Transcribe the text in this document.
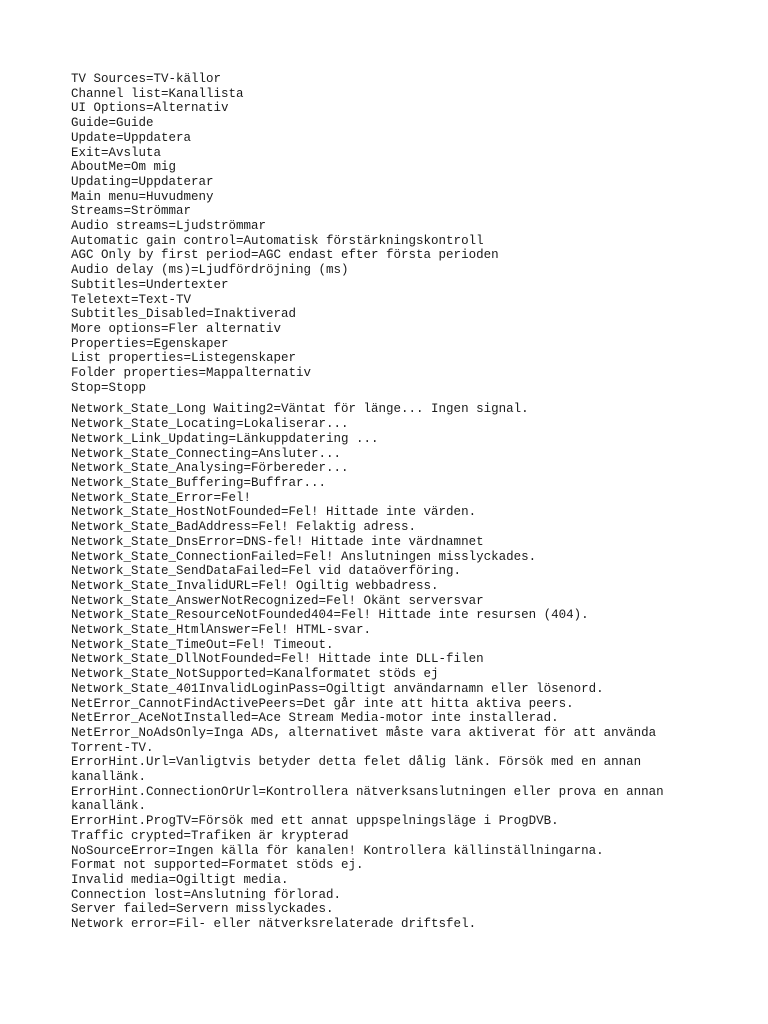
TV Sources=TV-källor
Channel list=Kanallista
UI Options=Alternativ
Guide=Guide
Update=Uppdatera
Exit=Avsluta
AboutMe=Om mig
Updating=Uppdaterar
Main menu=Huvudmeny
Streams=Strömmar
Audio streams=Ljudströmmar
Automatic gain control=Automatisk förstärkningskontroll
AGC Only by first period=AGC endast efter första perioden
Audio delay (ms)=Ljudfördröjning (ms)
Subtitles=Undertexter
Teletext=Text-TV
Subtitles_Disabled=Inaktiverad
More options=Fler alternativ
Properties=Egenskaper
List properties=Listegenskaper
Folder properties=Mappalternativ
Stop=Stopp
Network_State_Long Waiting2=Väntat för länge... Ingen signal.
Network_State_Locating=Lokaliserar...
Network_Link_Updating=Länkuppdatering ...
Network_State_Connecting=Ansluter...
Network_State_Analysing=Förbereder...
Network_State_Buffering=Buffrar...
Network_State_Error=Fel!
Network_State_HostNotFounded=Fel! Hittade inte värden.
Network_State_BadAddress=Fel! Felaktig adress.
Network_State_DnsError=DNS-fel! Hittade inte värdnamnet
Network_State_ConnectionFailed=Fel! Anslutningen misslyckades.
Network_State_SendDataFailed=Fel vid dataöverföring.
Network_State_InvalidURL=Fel! Ogiltig webbadress.
Network_State_AnswerNotRecognized=Fel! Okänt serversvar
Network_State_ResourceNotFounded404=Fel! Hittade inte resursen (404).
Network_State_HtmlAnswer=Fel! HTML-svar.
Network_State_TimeOut=Fel! Timeout.
Network_State_DllNotFounded=Fel! Hittade inte DLL-filen
Network_State_NotSupported=Kanalformatet stöds ej
Network_State_401InvalidLoginPass=Ogiltigt användarnamn eller lösenord.
NetError_CannotFindActivePeers=Det går inte att hitta aktiva peers.
NetError_AceNotInstalled=Ace Stream Media-motor inte installerad.
NetError_NoAdsOnly=Inga ADs, alternativet måste vara aktiverat för att använda Torrent-TV.
ErrorHint.Url=Vanligtvis betyder detta felet dålig länk. Försök med en annan kanallänk.
ErrorHint.ConnectionOrUrl=Kontrollera nätverksanslutningen eller prova en annan kanallänk.
ErrorHint.ProgTV=Försök med ett annat uppspelningsläge i ProgDVB.
Traffic crypted=Trafiken är krypterad
NoSourceError=Ingen källa för kanalen! Kontrollera källinställningarna.
Format not supported=Formatet stöds ej.
Invalid media=Ogiltigt media.
Connection lost=Anslutning förlorad.
Server failed=Servern misslyckades.
Network error=Fil- eller nätverksrelaterade driftsfel.
